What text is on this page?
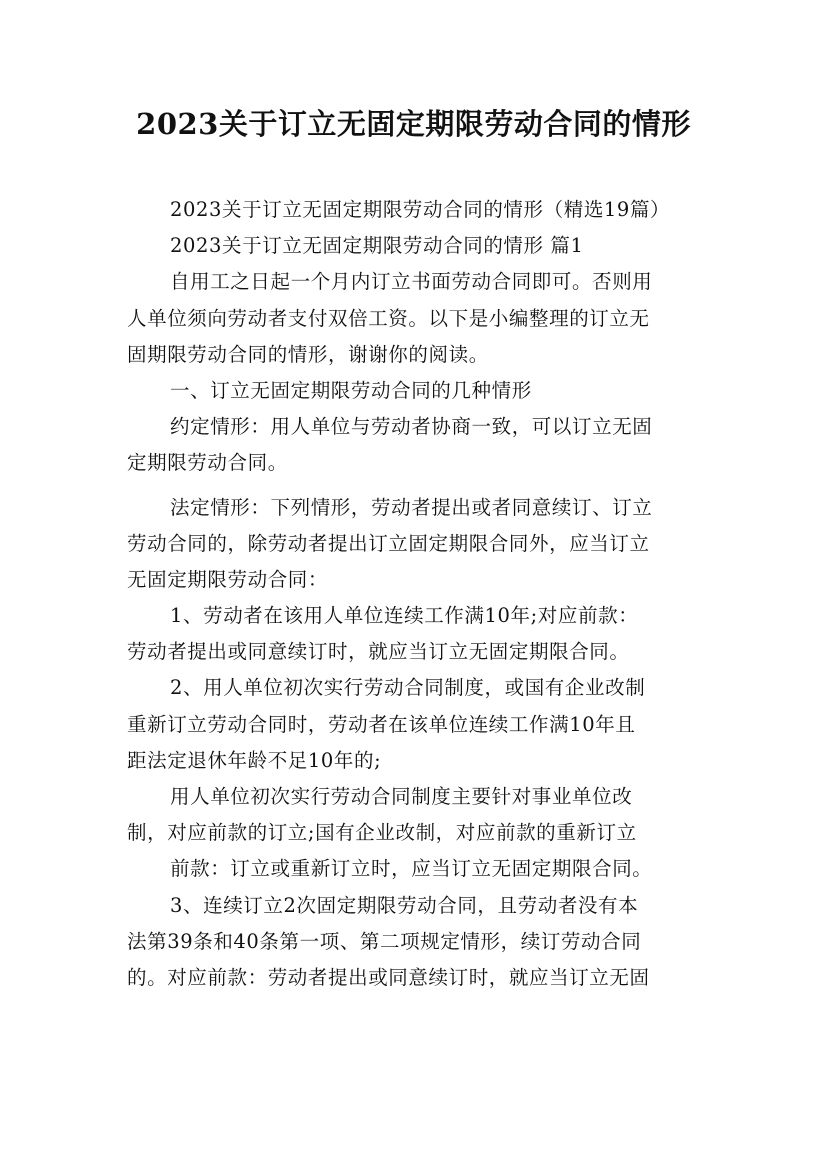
2023关于订立无固定期限劳动合同的情形
2023关于订立无固定期限劳动合同的情形（精选19篇）
2023关于订立无固定期限劳动合同的情形 篇1
自用工之日起一个月内订立书面劳动合同即可。否则用
人单位须向劳动者支付双倍工资。以下是小编整理的订立无
固期限劳动合同的情形，谢谢你的阅读。
一、订立无固定期限劳动合同的几种情形
约定情形：用人单位与劳动者协商一致，可以订立无固
定期限劳动合同。
法定情形：下列情形，劳动者提出或者同意续订、订立
劳动合同的，除劳动者提出订立固定期限合同外，应当订立
无固定期限劳动合同：
1、劳动者在该用人单位连续工作满10年;对应前款：
劳动者提出或同意续订时，就应当订立无固定期限合同。
2、用人单位初次实行劳动合同制度，或国有企业改制
重新订立劳动合同时，劳动者在该单位连续工作满10年且
距法定退休年龄不足10年的;
用人单位初次实行劳动合同制度主要针对事业单位改
制，对应前款的订立;国有企业改制，对应前款的重新订立
前款：订立或重新订立时，应当订立无固定期限合同。
3、连续订立2次固定期限劳动合同，且劳动者没有本
法第39条和40条第一项、第二项规定情形，续订劳动合同
的。对应前款：劳动者提出或同意续订时，就应当订立无固
